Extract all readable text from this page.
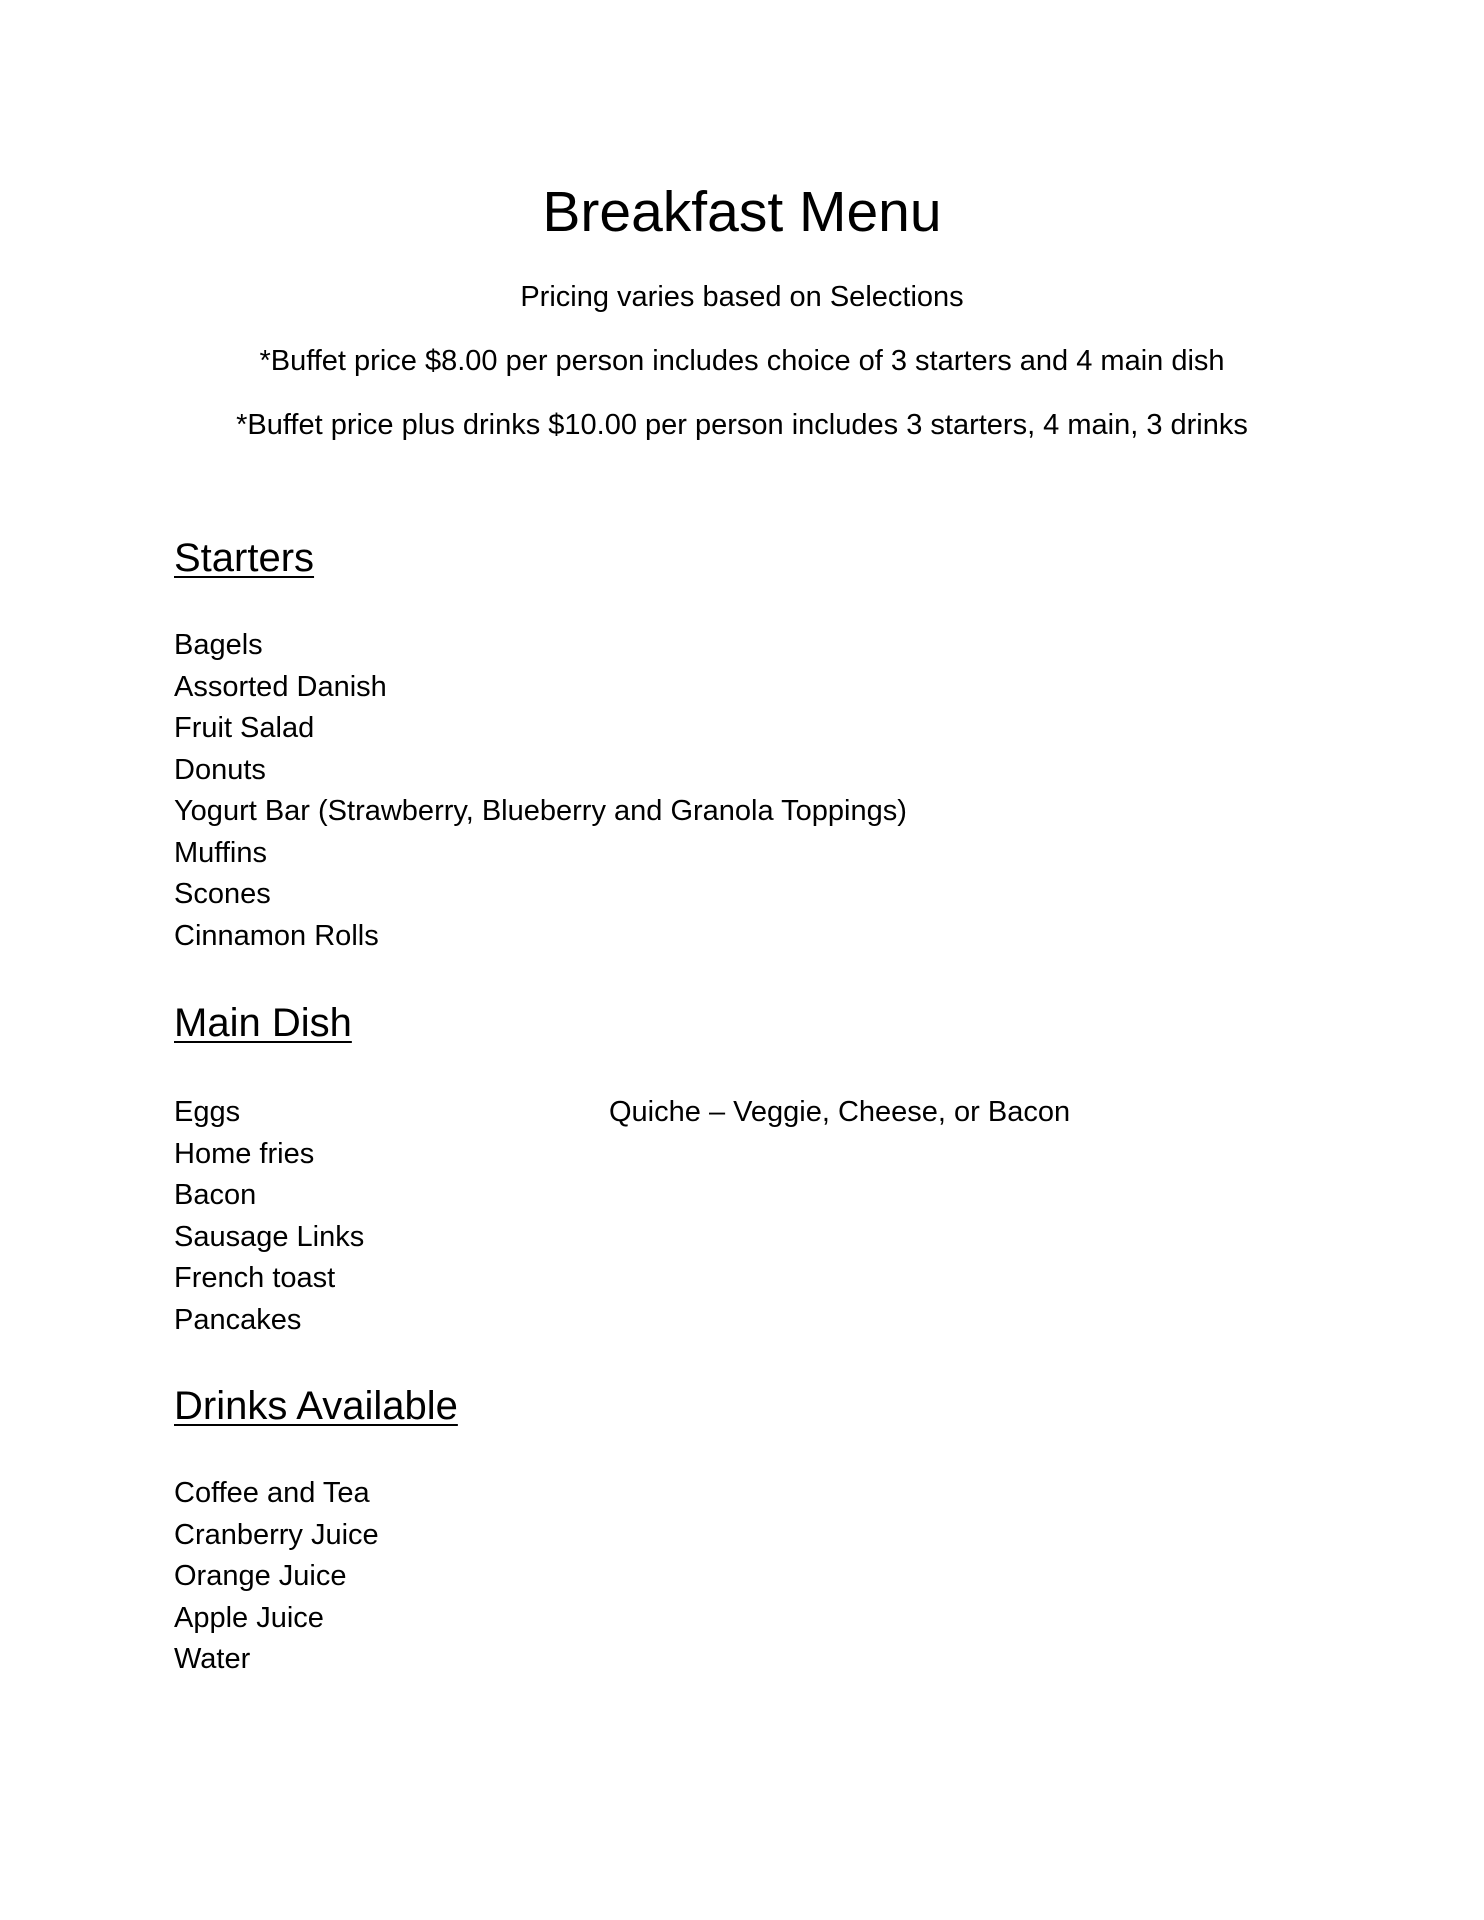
Breakfast Menu

Pricing varies based on Selections

*Buffet price $8.00 per person includes choice of 3 starters and 4 main dish

*Buffet price plus drinks $10.00 per person includes 3 starters, 4 main, 3 drinks

Starters
Bagels
Assorted Danish
Fruit Salad
Donuts
Yogurt Bar (Strawberry, Blueberry and Granola Toppings)
Muffins
Scones
Cinnamon Rolls
Main Dish
Eggs
Home fries
Bacon
Sausage Links
French toast
Pancakes
Quiche – Veggie, Cheese, or Bacon
Drinks Available
Coffee and Tea
Cranberry Juice
Orange Juice
Apple Juice
Water
